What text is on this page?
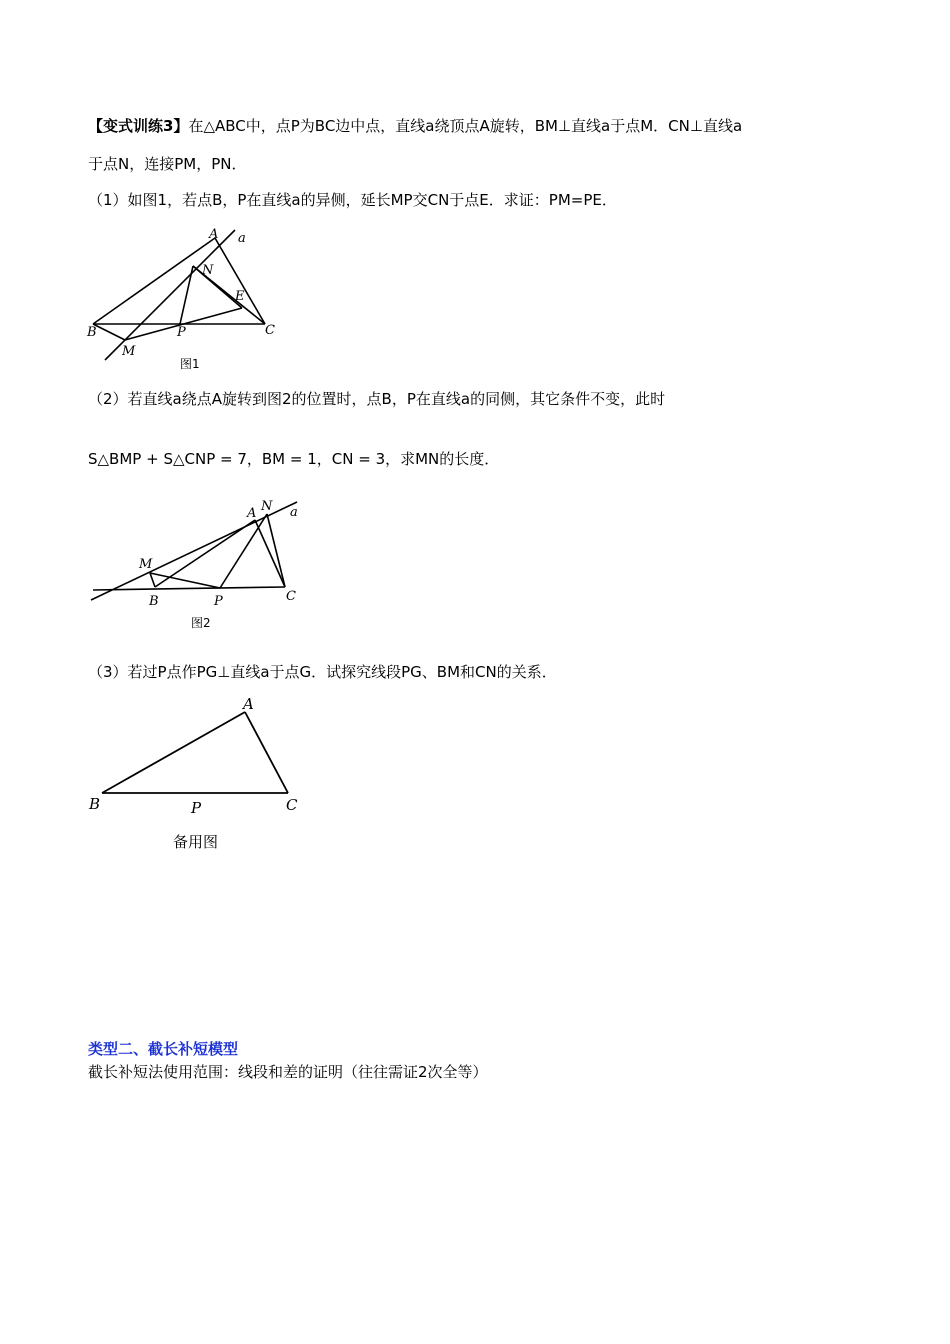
【变式训练3】在△ABC中，点P为BC边中点，直线a绕顶点A旋转，BM⊥直线a于点M．CN⊥直线a
于点N，连接PM，PN．
（1）如图1，若点B，P在直线a的异侧，延长MP交CN于点E．求证：PM=PE．
A a
N
E
B	P	C
M
图1
（2）若直线a绕点A旋转到图2的位置时，点B，P在直线a的同侧，其它条件不变，此时
S△BMP + S△CNP = 7，BM = 1，CN = 3，求MN的长度．
A N a
M
B	P	C
图2
（3）若过P点作PG⊥直线a于点G．试探究线段PG、BM和CN的关系．
A
B	P	C
备用图
类型二、截长补短模型
截长补短法使用范围：线段和差的证明（往往需证2次全等）
